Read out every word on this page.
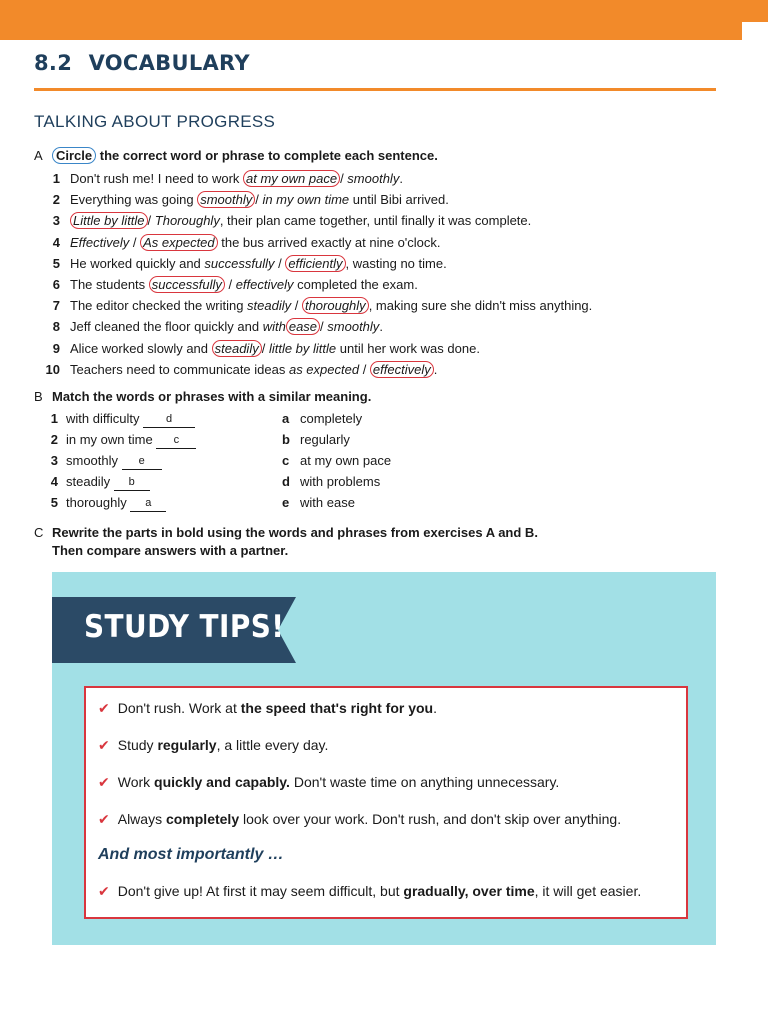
8.2 VOCABULARY
TALKING ABOUT PROGRESS
A	Circle the correct word or phrase to complete each sentence.
1 Don't rush me! I need to work at my own pace / smoothly.
2 Everything was going smoothly / in my own time until Bibi arrived.
3 Little by little / Thoroughly, their plan came together, until finally it was complete.
4 Effectively / As expected the bus arrived exactly at nine o'clock.
5 He worked quickly and successfully / efficiently , wasting no time.
6 The students successfully / effectively completed the exam.
7 The editor checked the writing steadily / thoroughly , making sure she didn't miss anything.
8 Jeff cleaned the floor quickly and with ease / smoothly.
9 Alice worked slowly and steadily / little by little until her work was done.
10 Teachers need to communicate ideas as expected / effectively .
B Match the words or phrases with a similar meaning.
1 with difficulty d
2 in my own time c
3 smoothly e
4 steadily b
5 thoroughly a
a completely
b regularly
c at my own pace
d with problems
e with ease
C Rewrite the parts in bold using the words and phrases from exercises A and B.
Then compare answers with a partner.
STUDY TIPS!
And most importantly …
✔ Don't rush. Work at the speed that's right for you.
✔ Study regularly, a little every day.
✔ Work quickly and capably. Don't waste time on anything unnecessary.
✔ Always completely look over your work. Don't rush, and don't skip over anything.
✔ Don't give up! At first it may seem difficult, but gradually, over time, it will get easier.
